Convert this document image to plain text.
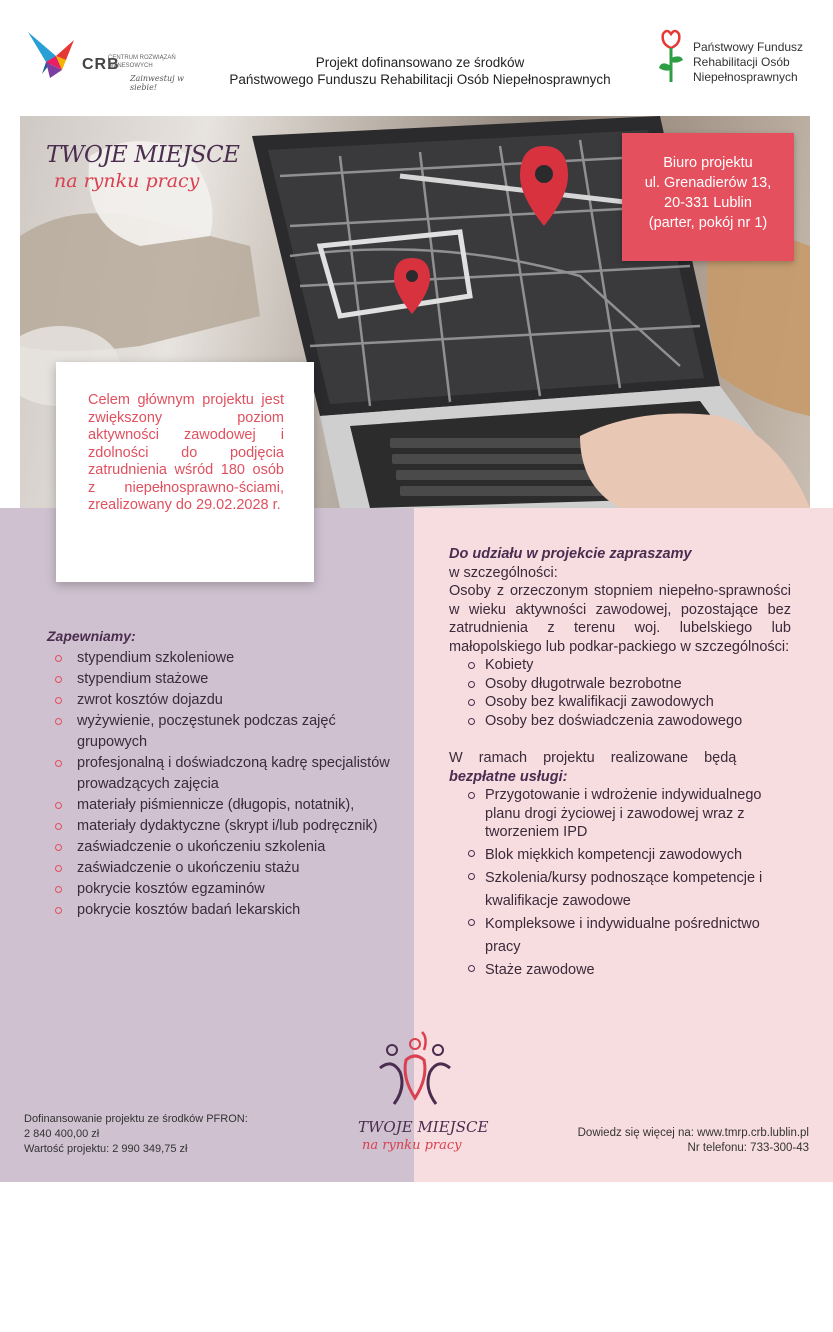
CRB
CENTRUM ROZWIĄZAŃ BIZNESOWYCH
Zainwestuj w siebie!
Projekt dofinansowano ze środków
Państwowego Funduszu Rehabilitacji Osób Niepełnosprawnych
Państwowy Fundusz
Rehabilitacji Osób
Niepełnosprawnych
TWOJE MIEJSCE
na rynku pracy
Biuro projektu
ul. Grenadierów 13,
20-331 Lublin
(parter, pokój nr 1)
Celem głównym projektu jest zwiększony poziom aktywności zawodowej i zdolności do podjęcia zatrudnienia wśród 180 osób z niepełnosprawno-ściami, zrealizowany do 29.02.2028 r.
Zapewniamy:
stypendium szkoleniowe
stypendium stażowe
zwrot kosztów dojazdu
wyżywienie, poczęstunek podczas zajęć grupowych
profesjonalną i doświadczoną kadrę specjalistów prowadzących zajęcia
materiały piśmiennicze (długopis, notatnik),
materiały dydaktyczne (skrypt i/lub podręcznik)
zaświadczenie o ukończeniu szkolenia
zaświadczenie o ukończeniu stażu
pokrycie kosztów egzaminów
pokrycie kosztów badań lekarskich
Do udziału w projekcie zapraszamy
w szczególności:
Osoby z orzeczonym stopniem niepełno-sprawności w wieku aktywności zawodowej, pozostające bez zatrudnienia z terenu woj. lubelskiego lub małopolskiego lub podkar-packiego w szczególności:
Kobiety
Osoby długotrwale bezrobotne
Osoby bez kwalifikacji zawodowych
Osoby bez doświadczenia zawodowego
W ramach projektu realizowane będą
bezpłatne usługi:
Przygotowanie i wdrożenie indywidualnego planu drogi życiowej i zawodowej wraz z tworzeniem IPD
Blok miękkich kompetencji zawodowych
Szkolenia/kursy podnoszące kompetencje i kwalifikacje zawodowe
Kompleksowe i indywidualne pośrednictwo pracy
Staże zawodowe
Dofinansowanie projektu ze środków PFRON:
2 840 400,00 zł
Wartość projektu: 2 990 349,75 zł
TWOJE MIEJSCE
na rynku pracy
Dowiedz się więcej na: www.tmrp.crb.lublin.pl
Nr telefonu: 733-300-43
